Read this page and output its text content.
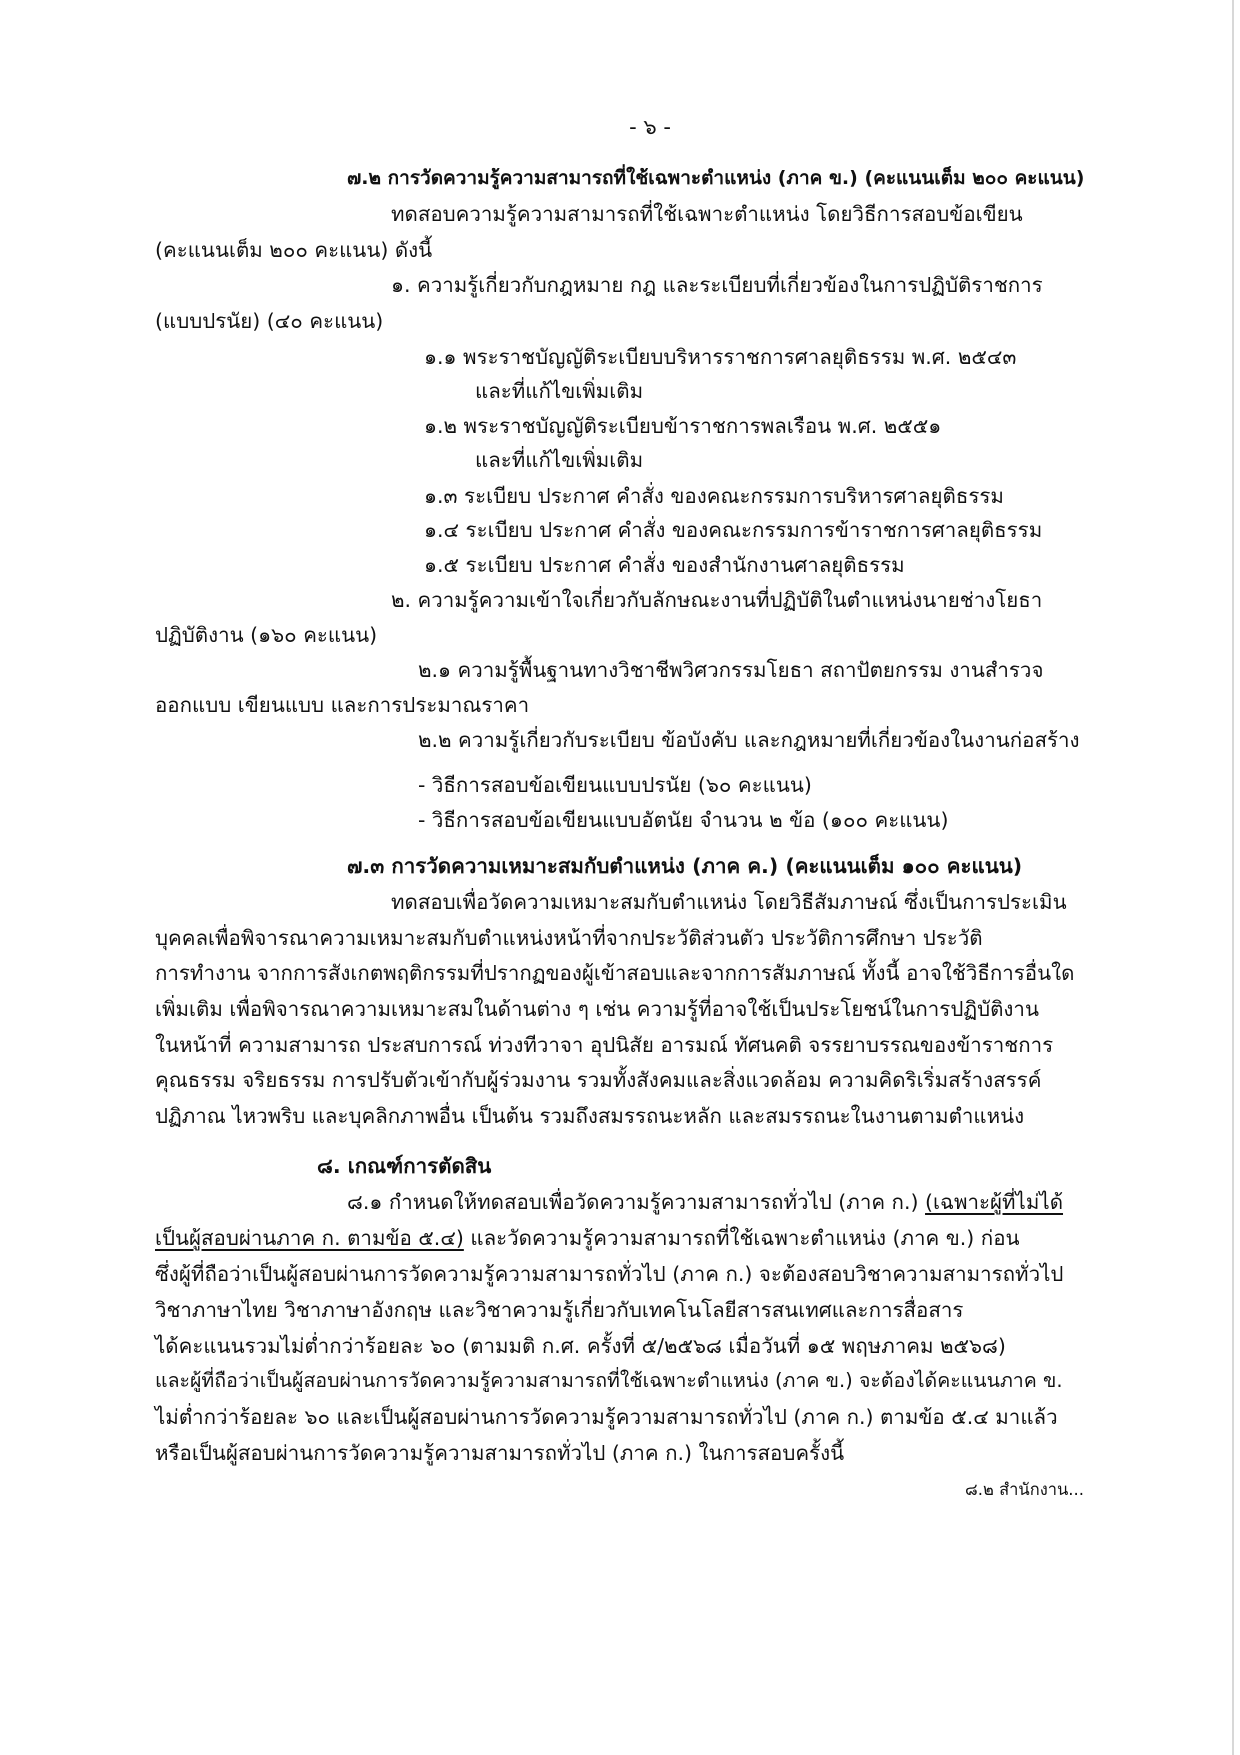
- ๖ -
๗.๒ การวัดความรู้ความสามารถที่ใช้เฉพาะตำแหน่ง (ภาค ข.) (คะแนนเต็ม ๒๐๐ คะแนน)
ทดสอบความรู้ความสามารถที่ใช้เฉพาะตำแหน่ง โดยวิธีการสอบข้อเขียน
(คะแนนเต็ม ๒๐๐ คะแนน) ดังนี้
๑. ความรู้เกี่ยวกับกฎหมาย กฎ และระเบียบที่เกี่ยวข้องในการปฏิบัติราชการ
(แบบปรนัย) (๔๐ คะแนน)
๑.๑ พระราชบัญญัติระเบียบบริหารราชการศาลยุติธรรม พ.ศ. ๒๕๔๓
และที่แก้ไขเพิ่มเติม
๑.๒ พระราชบัญญัติระเบียบข้าราชการพลเรือน พ.ศ. ๒๕๕๑
และที่แก้ไขเพิ่มเติม
๑.๓ ระเบียบ ประกาศ คำสั่ง ของคณะกรรมการบริหารศาลยุติธรรม
๑.๔ ระเบียบ ประกาศ คำสั่ง ของคณะกรรมการข้าราชการศาลยุติธรรม
๑.๕ ระเบียบ ประกาศ คำสั่ง ของสำนักงานศาลยุติธรรม
๒. ความรู้ความเข้าใจเกี่ยวกับลักษณะงานที่ปฏิบัติในตำแหน่งนายช่างโยธา
ปฏิบัติงาน (๑๖๐ คะแนน)
๒.๑ ความรู้พื้นฐานทางวิชาชีพวิศวกรรมโยธา สถาปัตยกรรม งานสำรวจ
ออกแบบ เขียนแบบ และการประมาณราคา
๒.๒ ความรู้เกี่ยวกับระเบียบ ข้อบังคับ และกฎหมายที่เกี่ยวข้องในงานก่อสร้าง
- วิธีการสอบข้อเขียนแบบปรนัย (๖๐ คะแนน)
- วิธีการสอบข้อเขียนแบบอัตนัย จำนวน ๒ ข้อ (๑๐๐ คะแนน)
๗.๓ การวัดความเหมาะสมกับตำแหน่ง (ภาค ค.) (คะแนนเต็ม ๑๐๐ คะแนน)
ทดสอบเพื่อวัดความเหมาะสมกับตำแหน่ง โดยวิธีสัมภาษณ์ ซึ่งเป็นการประเมิน
บุคคลเพื่อพิจารณาความเหมาะสมกับตำแหน่งหน้าที่จากประวัติส่วนตัว ประวัติการศึกษา ประวัติ
การทำงาน จากการสังเกตพฤติกรรมที่ปรากฏของผู้เข้าสอบและจากการสัมภาษณ์ ทั้งนี้ อาจใช้วิธีการอื่นใด
เพิ่มเติม เพื่อพิจารณาความเหมาะสมในด้านต่าง ๆ เช่น ความรู้ที่อาจใช้เป็นประโยชน์ในการปฏิบัติงาน
ในหน้าที่ ความสามารถ ประสบการณ์ ท่วงทีวาจา อุปนิสัย อารมณ์ ทัศนคติ จรรยาบรรณของข้าราชการ
คุณธรรม จริยธรรม การปรับตัวเข้ากับผู้ร่วมงาน รวมทั้งสังคมและสิ่งแวดล้อม ความคิดริเริ่มสร้างสรรค์
ปฏิภาณ ไหวพริบ และบุคลิกภาพอื่น เป็นต้น รวมถึงสมรรถนะหลัก และสมรรถนะในงานตามตำแหน่ง
๘. เกณฑ์การตัดสิน
๘.๑ กำหนดให้ทดสอบเพื่อวัดความรู้ความสามารถทั่วไป (ภาค ก.) (เฉพาะผู้ที่ไม่ได้
เป็นผู้สอบผ่านภาค ก. ตามข้อ ๕.๔) และวัดความรู้ความสามารถที่ใช้เฉพาะตำแหน่ง (ภาค ข.) ก่อน
ซึ่งผู้ที่ถือว่าเป็นผู้สอบผ่านการวัดความรู้ความสามารถทั่วไป (ภาค ก.) จะต้องสอบวิชาความสามารถทั่วไป
วิชาภาษาไทย วิชาภาษาอังกฤษ และวิชาความรู้เกี่ยวกับเทคโนโลยีสารสนเทศและการสื่อสาร
ได้คะแนนรวมไม่ต่ำกว่าร้อยละ ๖๐ (ตามมติ ก.ศ. ครั้งที่ ๕/๒๕๖๘ เมื่อวันที่ ๑๕ พฤษภาคม ๒๕๖๘)
และผู้ที่ถือว่าเป็นผู้สอบผ่านการวัดความรู้ความสามารถที่ใช้เฉพาะตำแหน่ง (ภาค ข.) จะต้องได้คะแนนภาค ข.
ไม่ต่ำกว่าร้อยละ ๖๐ และเป็นผู้สอบผ่านการวัดความรู้ความสามารถทั่วไป (ภาค ก.) ตามข้อ ๕.๔ มาแล้ว
หรือเป็นผู้สอบผ่านการวัดความรู้ความสามารถทั่วไป (ภาค ก.) ในการสอบครั้งนี้
๘.๒ สำนักงาน...
